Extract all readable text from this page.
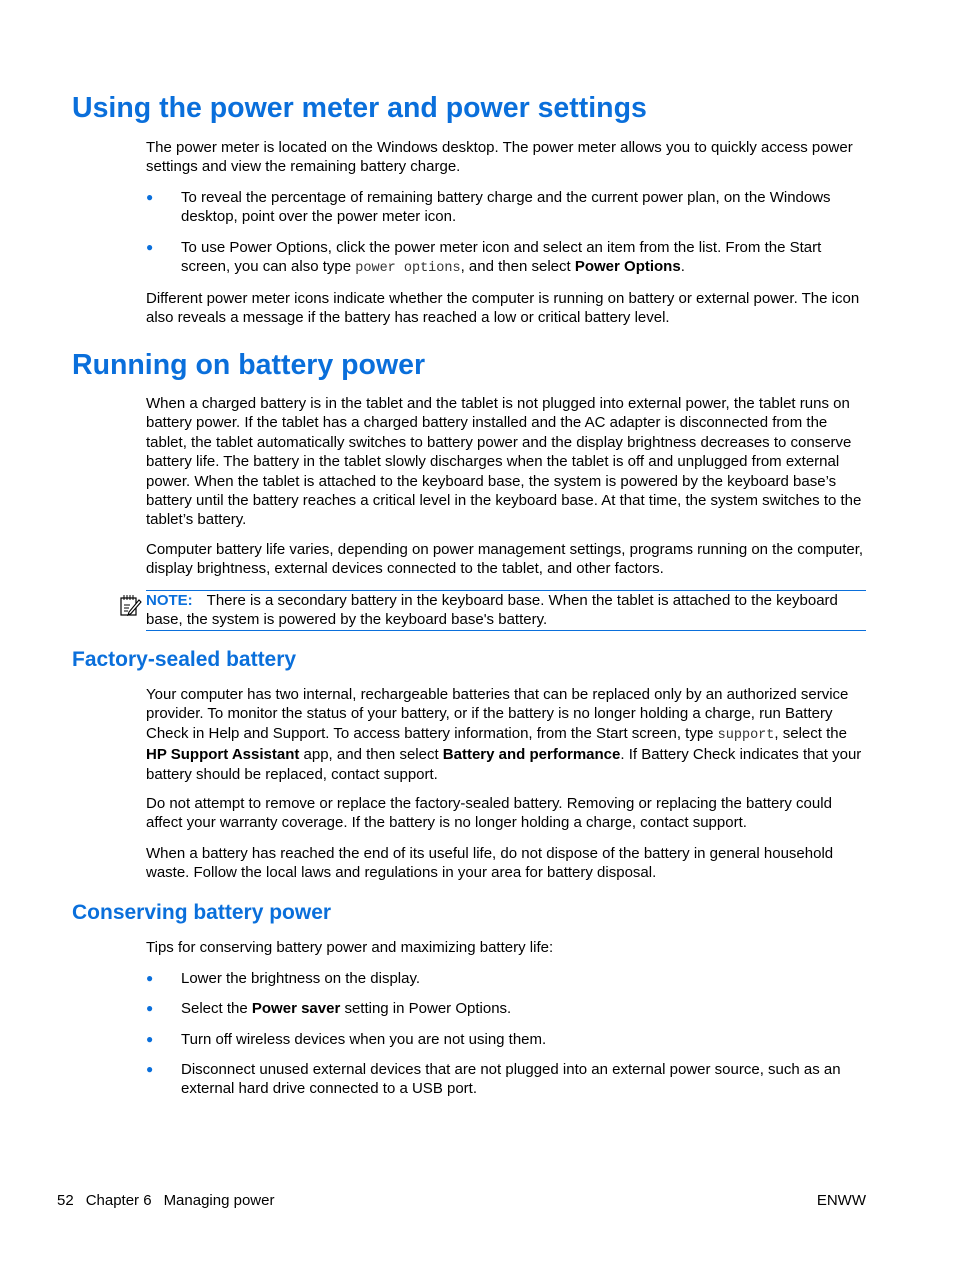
Using the power meter and power settings

The power meter is located on the Windows desktop. The power meter allows you to quickly access power settings and view the remaining battery charge.

● To reveal the percentage of remaining battery charge and the current power plan, on the Windows desktop, point over the power meter icon.
● To use Power Options, click the power meter icon and select an item from the list. From the Start screen, you can also type power options, and then select Power Options.

Different power meter icons indicate whether the computer is running on battery or external power. The icon also reveals a message if the battery has reached a low or critical battery level.

Running on battery power

When a charged battery is in the tablet and the tablet is not plugged into external power, the tablet runs on battery power. If the tablet has a charged battery installed and the AC adapter is disconnected from the tablet, the tablet automatically switches to battery power and the display brightness decreases to conserve battery life. The battery in the tablet slowly discharges when the tablet is off and unplugged from external power. When the tablet is attached to the keyboard base, the system is powered by the keyboard base’s battery until the battery reaches a critical level in the keyboard base. At that time, the system switches to the tablet’s battery.

Computer battery life varies, depending on power management settings, programs running on the computer, display brightness, external devices connected to the tablet, and other factors.

NOTE: There is a secondary battery in the keyboard base. When the tablet is attached to the keyboard base, the system is powered by the keyboard base's battery.
Factory-sealed battery

Your computer has two internal, rechargeable batteries that can be replaced only by an authorized service provider. To monitor the status of your battery, or if the battery is no longer holding a charge, run Battery Check in Help and Support. To access battery information, from the Start screen, type support, select the HP Support Assistant app, and then select Battery and performance. If Battery Check indicates that your battery should be replaced, contact support.

Do not attempt to remove or replace the factory-sealed battery. Removing or replacing the battery could affect your warranty coverage. If the battery is no longer holding a charge, contact support.

When a battery has reached the end of its useful life, do not dispose of the battery in general household waste. Follow the local laws and regulations in your area for battery disposal.

Conserving battery power

Tips for conserving battery power and maximizing battery life:

● Lower the brightness on the display.
● Select the Power saver setting in Power Options.
● Turn off wireless devices when you are not using them.
● Disconnect unused external devices that are not plugged into an external power source, such as an external hard drive connected to a USB port.
52 Chapter 6 Managing power	ENWW
